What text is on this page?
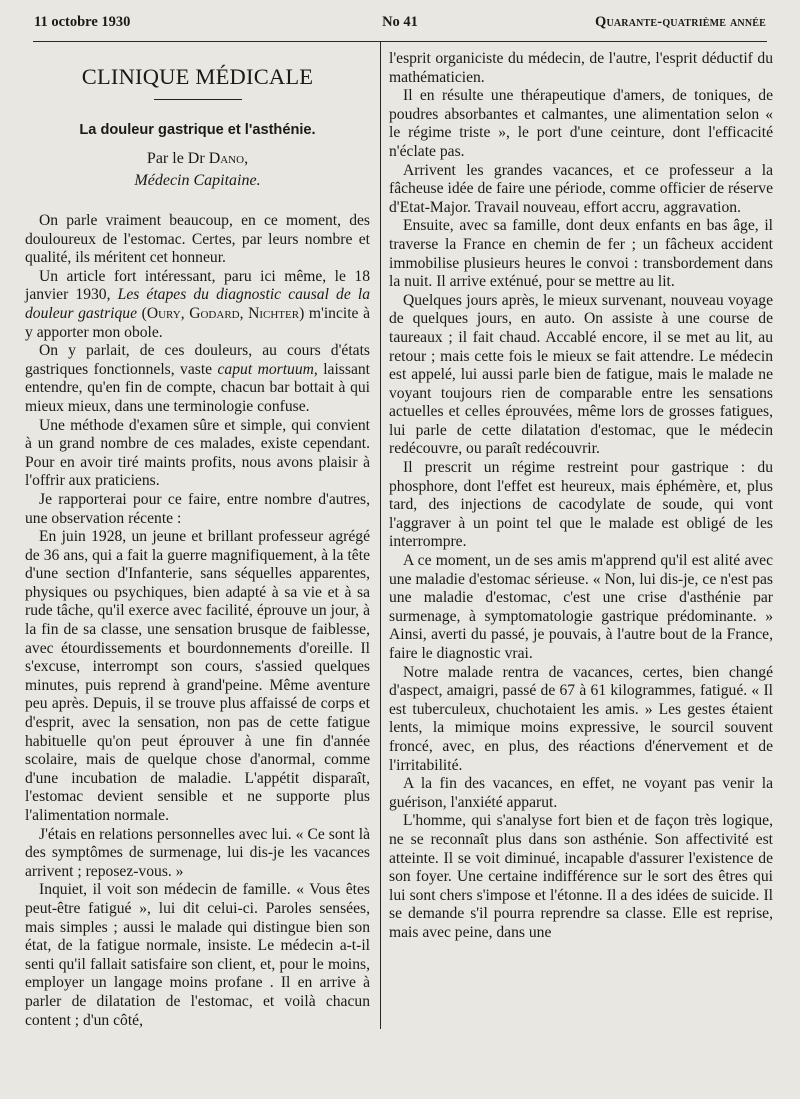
11 octobre 1930	No 41	Quarante-quatrième année
CLINIQUE MÉDICALE
La douleur gastrique et l'asthénie.
Par le Dr Dano,
Médecin Capitaine.

On parle vraiment beaucoup, en ce moment, des douloureux de l'estomac. Certes, par leurs nombre et qualité, ils méritent cet honneur.

Un article fort intéressant, paru ici même, le 18 janvier 1930, Les étapes du diagnostic causal de la douleur gastrique (Oury, Godard, Nichter) m'incite à y apporter mon obole.

On y parlait, de ces douleurs, au cours d'états gastriques fonctionnels, vaste caput mortuum, laissant entendre, qu'en fin de compte, chacun bar bottait à qui mieux mieux, dans une terminologie confuse.

Une méthode d'examen sûre et simple, qui convient à un grand nombre de ces malades, existe cependant. Pour en avoir tiré maints profits, nous avons plaisir à l'offrir aux praticiens.

Je rapporterai pour ce faire, entre nombre d'autres, une observation récente :

En juin 1928, un jeune et brillant professeur agrégé de 36 ans, qui a fait la guerre magnifiquement, à la tête d'une section d'Infanterie, sans séquelles apparentes, physiques ou psychiques, bien adapté à sa vie et à sa rude tâche, qu'il exerce avec facilité, éprouve un jour, à la fin de sa classe, une sensation brusque de faiblesse, avec étourdissements et bourdonnements d'oreille. Il s'excuse, interrompt son cours, s'assied quelques minutes, puis reprend à grand'peine. Même aventure peu après. Depuis, il se trouve plus affaissé de corps et d'esprit, avec la sensation, non pas de cette fatigue habituelle qu'on peut éprouver à une fin d'année scolaire, mais de quelque chose d'anormal, comme d'une incubation de maladie. L'appétit disparaît, l'estomac devient sensible et ne supporte plus l'alimentation normale.

J'étais en relations personnelles avec lui. « Ce sont là des symptômes de surmenage, lui dis-je les vacances arrivent ; reposez-vous. »

Inquiet, il voit son médecin de famille. « Vous êtes peut-être fatigué », lui dit celui-ci. Paroles sensées, mais simples ; aussi le malade qui distingue bien son état, de la fatigue normale, insiste. Le médecin a-t-il senti qu'il fallait satisfaire son client, et, pour le moins, employer un langage moins profane . Il en arrive à parler de dilatation de l'estomac, et voilà chacun content ; d'un côté,

l'esprit organiciste du médecin, de l'autre, l'esprit déductif du mathématicien.

Il en résulte une thérapeutique d'amers, de toniques, de poudres absorbantes et calmantes, une alimentation selon « le régime triste », le port d'une ceinture, dont l'efficacité n'éclate pas.

Arrivent les grandes vacances, et ce professeur a la fâcheuse idée de faire une période, comme officier de réserve d'Etat-Major. Travail nouveau, effort accru, aggravation.

Ensuite, avec sa famille, dont deux enfants en bas âge, il traverse la France en chemin de fer ; un fâcheux accident immobilise plusieurs heures le convoi : transbordement dans la nuit. Il arrive exténué, pour se mettre au lit.

Quelques jours après, le mieux survenant, nouveau voyage de quelques jours, en auto. On assiste à une course de taureaux ; il fait chaud. Accablé encore, il se met au lit, au retour ; mais cette fois le mieux se fait attendre. Le médecin est appelé, lui aussi parle bien de fatigue, mais le malade ne voyant toujours rien de comparable entre les sensations actuelles et celles éprouvées, même lors de grosses fatigues, lui parle de cette dilatation d'estomac, que le médecin redécouvre, ou paraît redécouvrir.

Il prescrit un régime restreint pour gastrique : du phosphore, dont l'effet est heureux, mais éphémère, et, plus tard, des injections de cacodylate de soude, qui vont l'aggraver à un point tel que le malade est obligé de les interrompre.

A ce moment, un de ses amis m'apprend qu'il est alité avec une maladie d'estomac sérieuse. « Non, lui dis-je, ce n'est pas une maladie d'estomac, c'est une crise d'asthénie par surmenage, à symptomatologie gastrique prédominante. » Ainsi, averti du passé, je pouvais, à l'autre bout de la France, faire le diagnostic vrai.

Notre malade rentra de vacances, certes, bien changé d'aspect, amaigri, passé de 67 à 61 kilogrammes, fatigué. « Il est tuberculeux, chuchotaient les amis. » Les gestes étaient lents, la mimique moins expressive, le sourcil souvent froncé, avec, en plus, des réactions d'énervement et de l'irritabilité.

A la fin des vacances, en effet, ne voyant pas venir la guérison, l'anxiété apparut.

L'homme, qui s'analyse fort bien et de façon très logique, ne se reconnaît plus dans son asthénie. Son affectivité est atteinte. Il se voit diminué, incapable d'assurer l'existence de son foyer. Une certaine indifférence sur le sort des êtres qui lui sont chers s'impose et l'étonne. Il a des idées de suicide. Il se demande s'il pourra reprendre sa classe. Elle est reprise, mais avec peine, dans une
